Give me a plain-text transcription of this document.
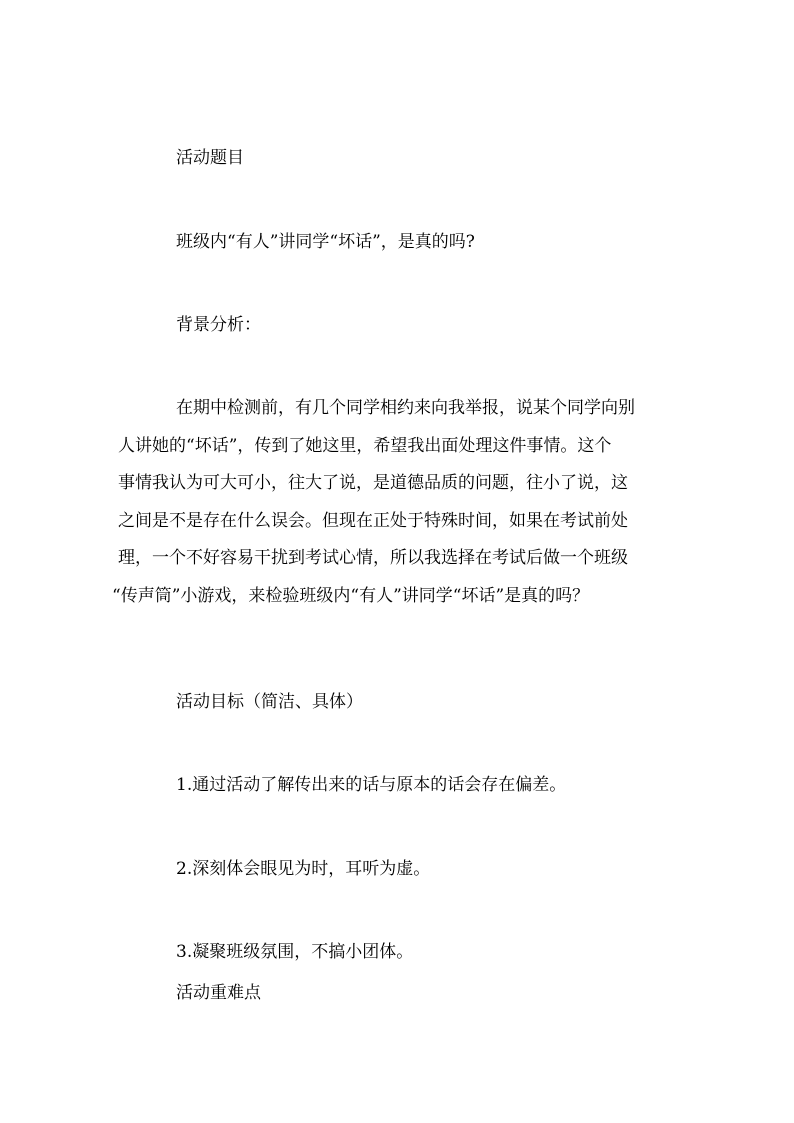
活动题目

班级内“有人”讲同学“坏话”，是真的吗?

背景分析：

在期中检测前，有几个同学相约来向我举报，说某个同学向别
人讲她的“坏话”，传到了她这里，希望我出面处理这件事情。这个
事情我认为可大可小，往大了说，是道德品质的问题，往小了说，这
之间是不是存在什么误会。但现在正处于特殊时间，如果在考试前处
理，一个不好容易干扰到考试心情，所以我选择在考试后做一个班级
“传声筒”小游戏，来检验班级内“有人”讲同学“坏话”是真的吗？

活动目标（简洁、具体）

1.通过活动了解传出来的话与原本的话会存在偏差。

2.深刻体会眼见为时，耳听为虚。

3.凝聚班级氛围，不搞小团体。

活动重难点
